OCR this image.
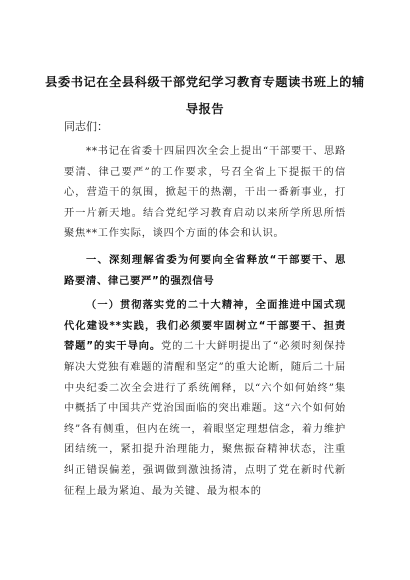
县委书记在全县科级干部党纪学习教育专题读书班上的辅导报告
同志们：

**书记在省委十四届四次全会上提出“干部要干、思路要清、律己要严”的工作要求，号召全省上下提振干的信心，营造干的氛围，掀起干的热潮，干出一番新事业，打开一片新天地。结合党纪学习教育启动以来所学所思所悟聚焦**工作实际，谈四个方面的体会和认识。

一、深刻理解省委为何要向全省释放“干部要干、思路要清、律己要严”的强烈信号

（一）贯彻落实党的二十大精神，全面推进中国式现代化建设**实践，我们必须要牢固树立“干部要干、担责替题”的实干导向。党的二十大鲜明提出了“必须时刻保持解决大党独有难题的清醒和坚定”的重大论断，随后二十届中央纪委二次全会进行了系统阐释，以“六个如何始终”集中概括了中国共产党治国面临的突出难题。这“六个如何始终”各有侧重，但内在统一，着眼坚定理想信念，着力维护团结统一，紧扣提升治理能力，聚焦振奋精神状态，注重纠正错误偏差，强调做到激浊扬清，点明了党在新时代新征程上最为紧迫、最为关键、最为根本的
